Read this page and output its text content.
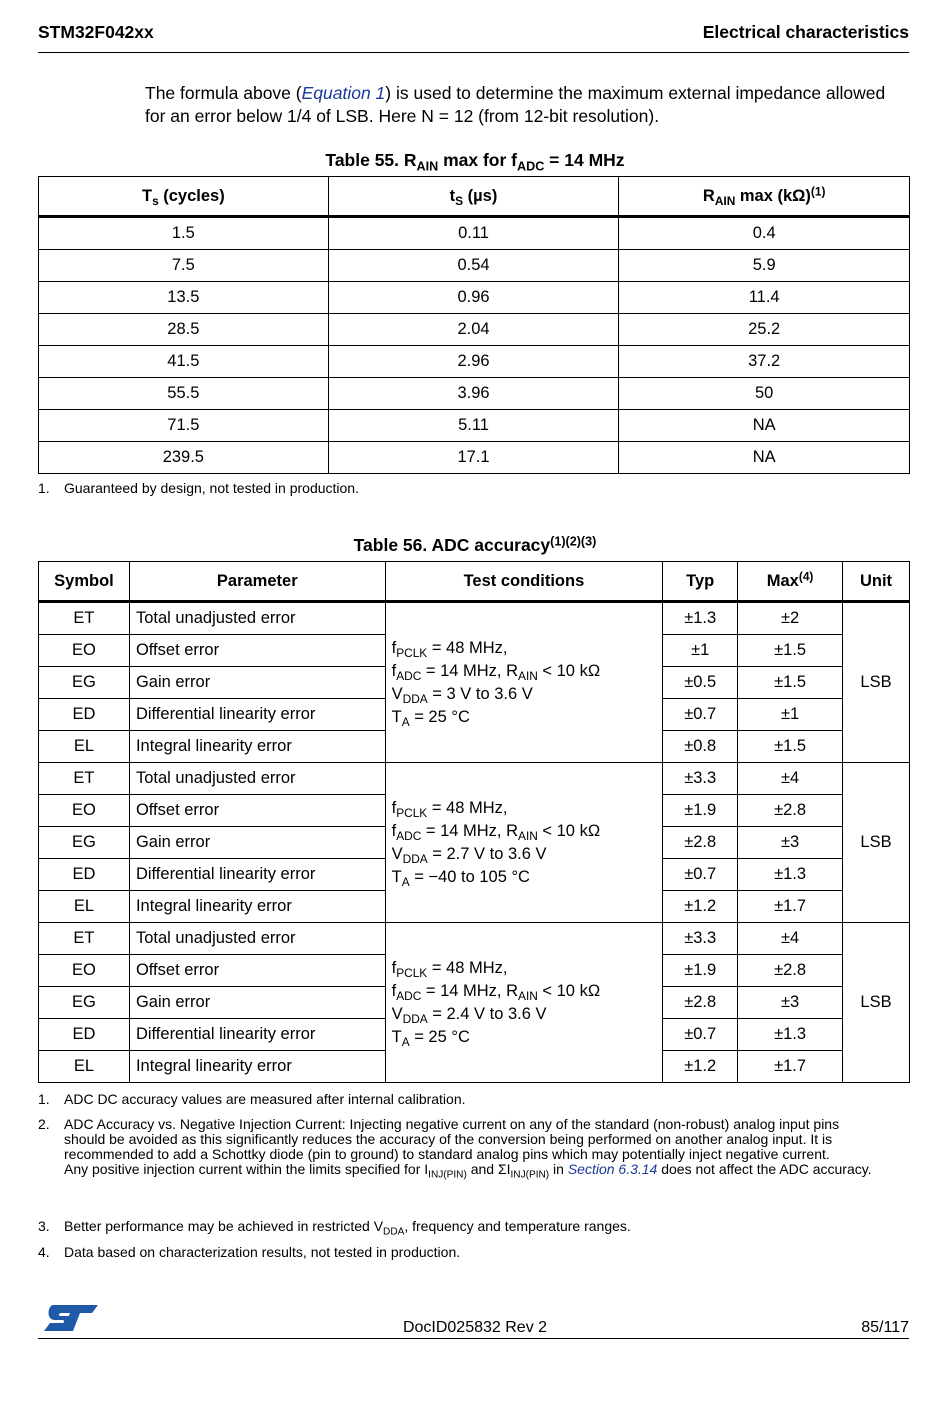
STM32F042xx	Electrical characteristics
The formula above (Equation 1) is used to determine the maximum external impedance allowed for an error below 1/4 of LSB. Here N = 12 (from 12-bit resolution).
Table 55. $R_{AIN}$ max for $f_{ADC} = 14$ MHz
$T_s$ (cycles)	$t_S$ (µs)	$R_{AIN}$ $\max (k\Omega)^{(1)}$
1.5	0.11	0.4
7.5	0.54	5.9
13.5	0.96	11.4
28.5	2.04	25.2
41.5	2.96	37.2
55.5	3.96	50
71.5	5.11	NA
239.5	17.1	NA
1. Guaranteed by design, not tested in production.
Table 56. ADC accuracy$^{(1)(2)(3)}$
Symbol	Parameter	Test conditions	Typ	Max$^{(4)}$	Unit
ET	Total unadjusted error	$f_{PCLK} = 48$ MHz,
$f_{ADC} = 14$ MHz, $R_{AIN} < 10$ kΩ
$V_{DDA} = 3$ V to 3.6 V
$T_A = 25$ °C	±1.3	±2	LSB
EO	Offset error		±1	±1.5	
EG	Gain error		±0.5	±1.5	
ED	Differential linearity error		±0.7	±1	
EL	Integral linearity error		±0.8	±1.5	
ET	Total unadjusted error	$f_{PCLK} = 48$ MHz,
$f_{ADC} = 14$ MHz, $R_{AIN} < 10$ kΩ
$V_{DDA} = 2.7$ V to 3.6 V
$T_A = -40$ to 105 °C	±3.3	±4	LSB
EO	Offset error		±1.9	±2.8	
EG	Gain error		±2.8	±3	
ED	Differential linearity error		±0.7	±1.3	
EL	Integral linearity error		±1.2	±1.7	
ET	Total unadjusted error	$f_{PCLK} = 48$ MHz,
$f_{ADC} = 14$ MHz, $R_{AIN} < 10$ kΩ
$V_{DDA} = 2.4$ V to 3.6 V
$T_A = 25$ °C	±3.3	±4	LSB
EO	Offset error		±1.9	±2.8	
EG	Gain error		±2.8	±3	
ED	Differential linearity error		±0.7	±1.3	
EL	Integral linearity error		±1.2	±1.7	
1. ADC DC accuracy values are measured after internal calibration.
2. ADC Accuracy vs. Negative Injection Current: Injecting negative current on any of the standard (non-robust) analog input pins should be avoided as this significantly reduces the accuracy of the conversion being performed on another analog input. It is recommended to add a Schottky diode (pin to ground) to standard analog pins which may potentially inject negative current.
Any positive injection current within the limits specified for $I_{INJ(PIN)}$ and $\Sigma I_{INJ(PIN)}$ in Section 6.3.14 does not affect the ADC accuracy.
3. Better performance may be achieved in restricted $V_{DDA}$, frequency and temperature ranges.
4. Data based on characterization results, not tested in production.
DocID025832 Rev 2	85/117
